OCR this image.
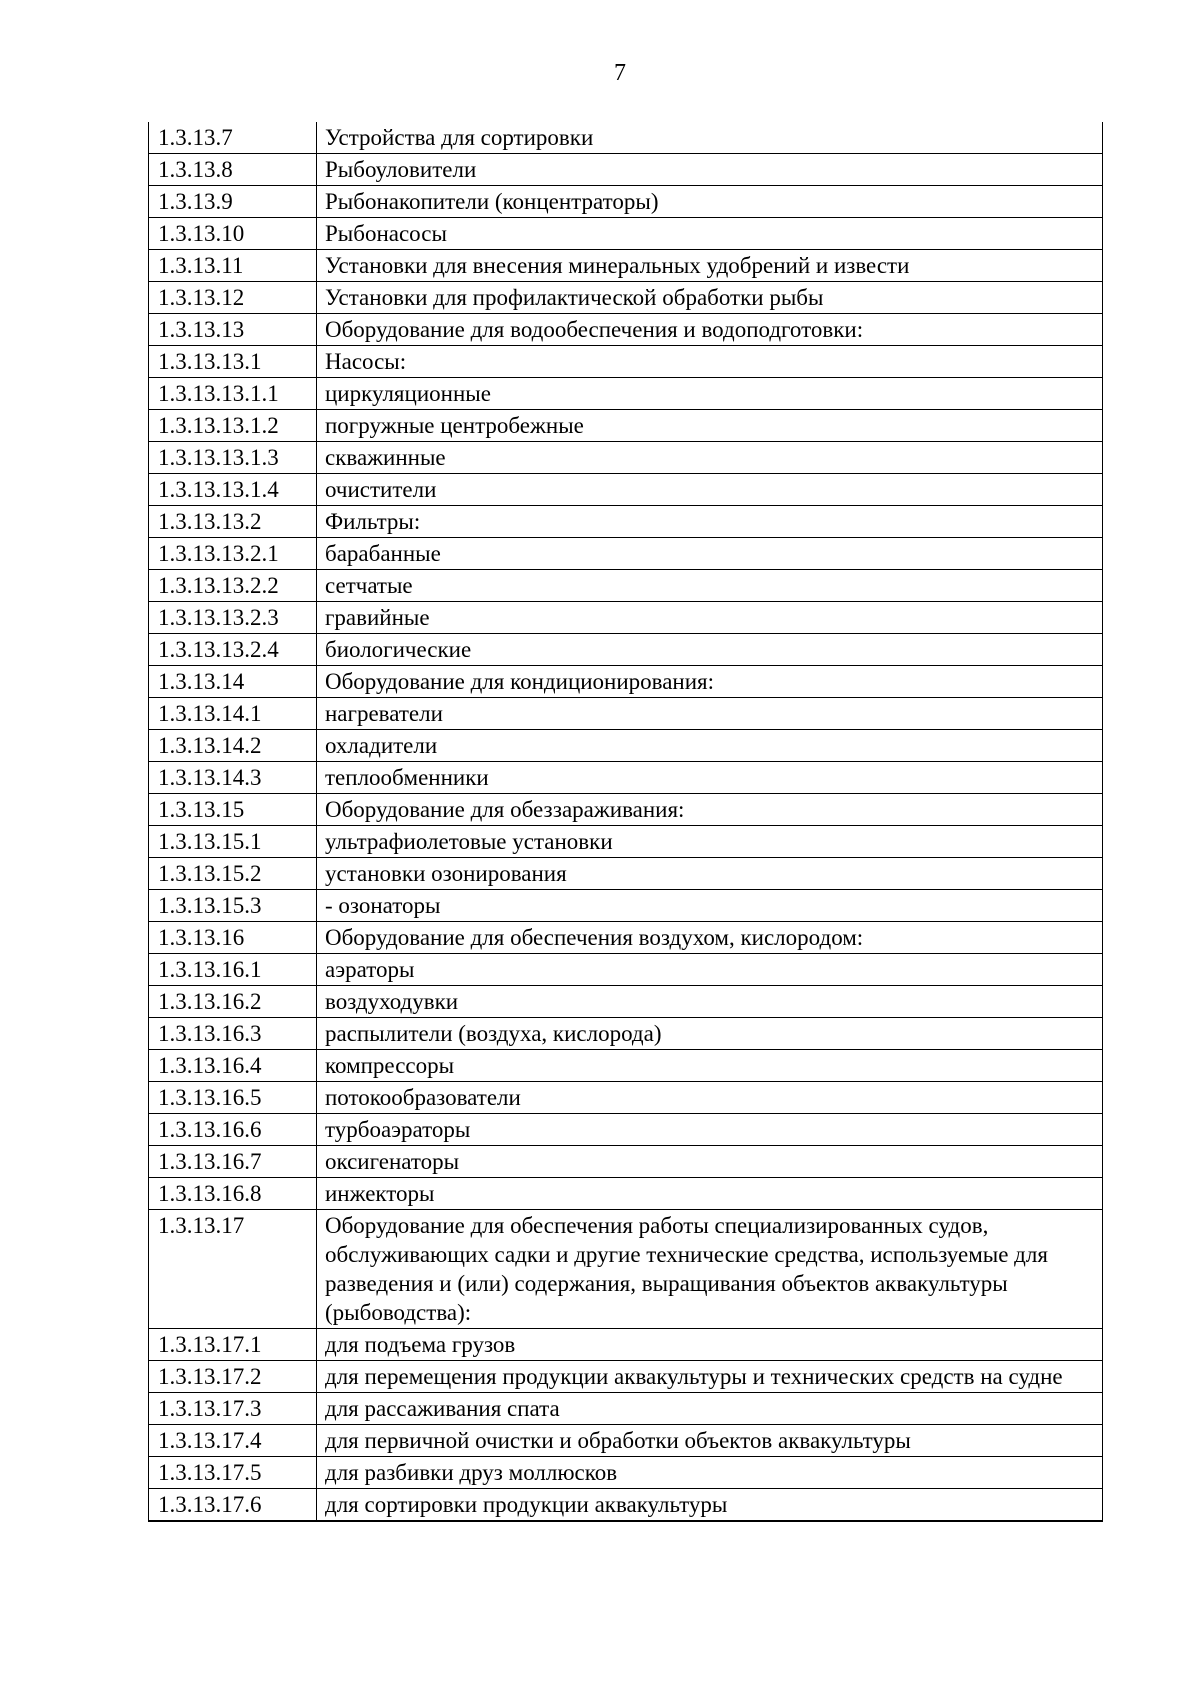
7
1.3.13.7	Устройства для сортировки
1.3.13.8	Рыбоуловители
1.3.13.9	Рыбонакопители (концентраторы)
1.3.13.10	Рыбонасосы
1.3.13.11	Установки для внесения минеральных удобрений и извести
1.3.13.12	Установки для профилактической обработки рыбы
1.3.13.13	Оборудование для водообеспечения и водоподготовки:
1.3.13.13.1	Насосы:
1.3.13.13.1.1	циркуляционные
1.3.13.13.1.2	погружные центробежные
1.3.13.13.1.3	скважинные
1.3.13.13.1.4	очистители
1.3.13.13.2	Фильтры:
1.3.13.13.2.1	барабанные
1.3.13.13.2.2	сетчатые
1.3.13.13.2.3	гравийные
1.3.13.13.2.4	биологические
1.3.13.14	Оборудование для кондиционирования:
1.3.13.14.1	нагреватели
1.3.13.14.2	охладители
1.3.13.14.3	теплообменники
1.3.13.15	Оборудование для обеззараживания:
1.3.13.15.1	ультрафиолетовые установки
1.3.13.15.2	установки озонирования
1.3.13.15.3	- озонаторы
1.3.13.16	Оборудование для обеспечения воздухом, кислородом:
1.3.13.16.1	аэраторы
1.3.13.16.2	воздуходувки
1.3.13.16.3	распылители (воздуха, кислорода)
1.3.13.16.4	компрессоры
1.3.13.16.5	потокообразователи
1.3.13.16.6	турбоаэраторы
1.3.13.16.7	оксигенаторы
1.3.13.16.8	инжекторы
1.3.13.17	Оборудование для обеспечения работы специализированных судов, обслуживающих садки и другие технические средства, используемые для разведения и (или) содержания, выращивания объектов аквакультуры (рыбоводства):
1.3.13.17.1	для подъема грузов
1.3.13.17.2	для перемещения продукции аквакультуры и технических средств на судне
1.3.13.17.3	для рассаживания спата
1.3.13.17.4	для первичной очистки и обработки объектов аквакультуры
1.3.13.17.5	для разбивки друз моллюсков
1.3.13.17.6	для сортировки продукции аквакультуры
